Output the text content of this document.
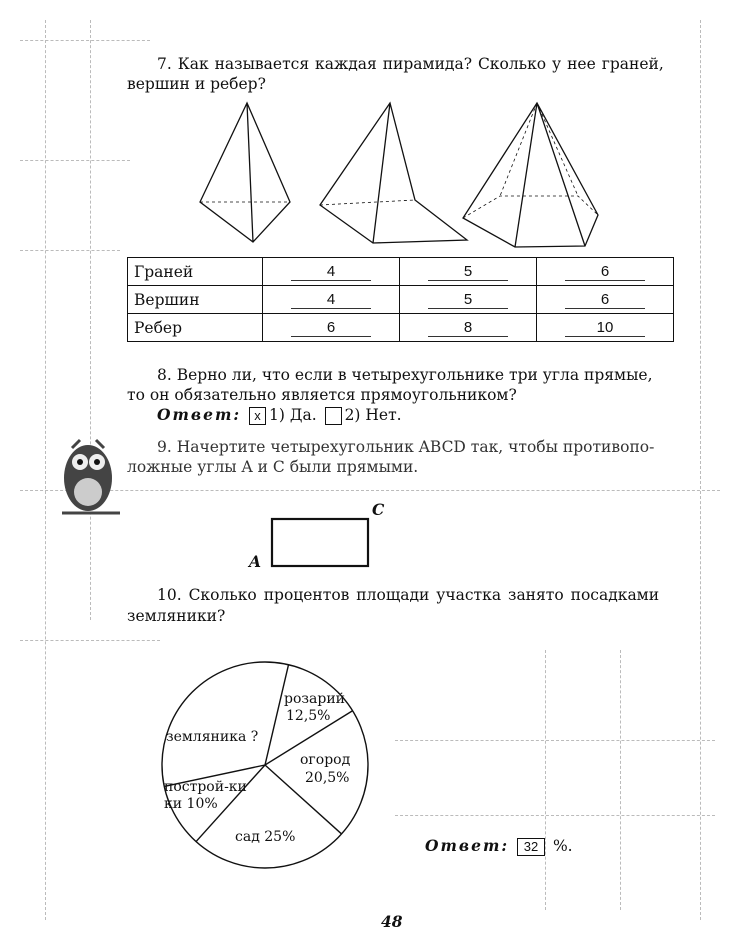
7. Как называется каждая пирамида? Сколько у нее граней,
вершин и ребер?
Граней	4	5	6
Вершин	4	5	6
Ребер	6	8	10
8. Верно ли, что если в четырехугольнике три угла прямые,
то он обязательно является прямоугольником?
Ответ: x 1) Да. 2) Нет.
9. Начертите четырехугольник ABCD так, чтобы противопо-
ложные углы A и C были прямыми.
C
A
10. Сколько процентов площади участка занято посадками
земляники?
розарий
12,5%
огород
20,5%
сад 25%
построй-ки
ки 10%
земляника ?
Ответ: 32 %.
48
